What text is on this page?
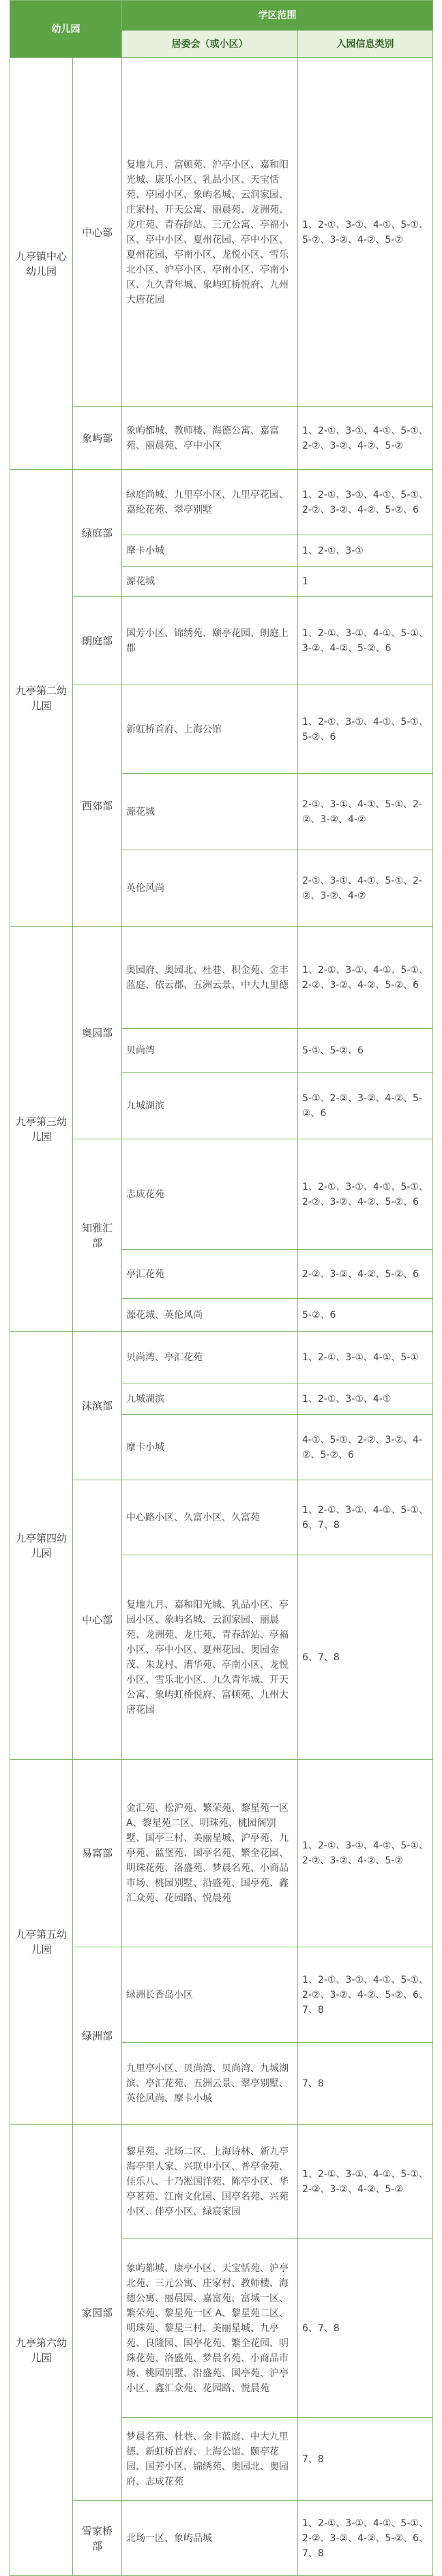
幼儿园		学区范围	
		居委会（或小区）	入园信息类别
九亭镇中心幼儿园	中心部	复地九月、富顿苑、沪亭小区、嘉和阳光城、康乐小区、乳品小区、天宝恬苑、亭园小区、象屿名城、云润家园、庄家村、开天公寓、丽晨苑、龙洲苑、龙庄苑、青春辞站、三元公寓、亭福小区、亭中小区、夏州花园、亭中小区、夏州花园、亭南小区、龙悦小区、雪乐北小区、沪亭小区、亭南小区、亭南小区、九久青年城、象屿虹桥悦府、九州大唐花园	1、2-①、3-①、4-①、5-①、5-②、3-②、4-②、5-②
	象屿部	象屿都城、教师楼、海德公寓、嘉富苑、丽晨苑、亭中小区	1、2-①、3-①、4-①、5-①、2-②、3-②、4-②、5-②
九亭第二幼儿园	绿庭部	绿庭尚城、九里亭小区、九里亭花园、嘉纶花苑、翠亭别墅	1、2-①、3-①、4-①、5-①、2-②、3-②、4-②、5-②、6
		摩卡小城	1、2-①、3-①
		源花城	1
	朗庭部	国芳小区、锦绣苑、颐亭花园、朗庭上郡	1、2-①、3-①、4-①、5-①、3-②、4-②、5-②、6
	西郊部	新虹桥首府、上海公馆	1、2-①、3-①、4-①、5-①、5-②、6
		源花城	2-①、3-①、4-①、5-①、2-②、3-②、4-②
		英伦风尚	2-①、3-①、4-①、5-①、2-②、3-②、4-②
九亭第三幼儿园	奥园部	奥园府、奥园北、杜巷、积金苑、金丰蓝庭、依云郡、五洲云景、中大九里德	1、2-①、3-①、4-①、5-①、2-②、3-②、4-②、5-②、6
		贝尚湾	5-①、5-②、6
		九城湖滨	5-①、2-②、3-②、4-②、5-②、6
	知雅汇部	志成花苑	1、2-①、3-①、4-①、5-①、2-②、3-②、4-②、5-②、6
		亭汇花苑	2-②、3-②、4-②、5-②、6
		源花城、英伦风尚	5-②、6
九亭第四幼儿园	沫滨部	贝尚湾、亭汇花苑	1、2-①、3-①、4-①、5-①
		九城湖滨	1、2-①、3-①、4-①
		摩卡小城	4-①、5-①、2-②、3-②、4-②、5-②、6
	中心部	中心路小区、久富小区、久富苑	1、2-①、3-①、4-①、5-①、6、7、8
		复地九月、嘉和阳光城、乳品小区、亭园小区、象屿名城、云润家园、丽晨苑、龙洲苑、龙庄苑、青春辞站、亭福小区、亭中小区、夏州花园、奥园金茂、朱龙村、漕华苑、亭南小区、龙悦小区、雪乐北小区、九久青年城、开天公寓、象屿虹桥悦府、富顿苑、九州大唐花园	6、7、8
九亭第五幼儿园	易富部	金汇苑、松沪苑、繁荣苑、黎星苑一区 A、黎星苑二区、明珠苑、桃园阁别墅、国亭三村、美丽星城、沪亭苑、九亭苑、蓝堡苑、国亭名苑、繁全花园、明珠花苑、洛盛苑、梦晨名苑、小商品市场、桃园别墅、沿盛苑、国亭苑、鑫汇众苑、花园路、悦晨苑	1、2-①、3-①、4-①、5-①、2-②、3-②、4-②、5-②
	绿洲部	绿洲长香岛小区	1、2-①、3-①、4-①、5-①、2-②、3-②、4-②、5-②、6、7、8
		九里亭小区、贝尚湾、贝尚湾、九城湖滨、亭汇花苑、五洲云景、翠亭别墅、英伦风尚、摩卡小城	7、8
九亭第六幼儿园	家园部	黎星苑、北场二区、上海诗林、新九亭海亭里人家、兴联申小区、普亭金苑、佳乐八、十乃淞国洋苑、陈亭小区、华亭茗苑、江南文化园、国亭名苑、兴苑小区、伴亭小区、绿宸家园	1、2-①、3-①、4-①、5-①、2-②、3-②、4-②、5-②
		象屿都城、康亭小区、天宝恬苑、沪亭北苑、三元公寓、庄家村、教师楼、海德公寓、丽晨园、嘉富苑、富城一区、繁荣苑、黎星苑一区 A、黎星苑二区、明珠苑、黎星三村、美丽星城、九亭苑、良隆园、国亭花苑、繁全花园、明珠花苑、洛盛苑、梦晨名苑、小商品市场、桃园别墅、沿盛苑、国亭苑、沪亭小区、鑫汇众苑、花园路、悦晨苑	6、7、8
		梦晨名苑、杜巷、金丰蓝庭、中大九里德、新虹桥首府、上海公馆、颐亭花园、国芳小区、锦绣苑、奥园北、奥园府、志成花苑	7、8
	雪家桥部	北场一区、象屿品城	1、2-①、3-①、4-①、5-①、2-②、3-②、4-②、5-②、6、7、8
